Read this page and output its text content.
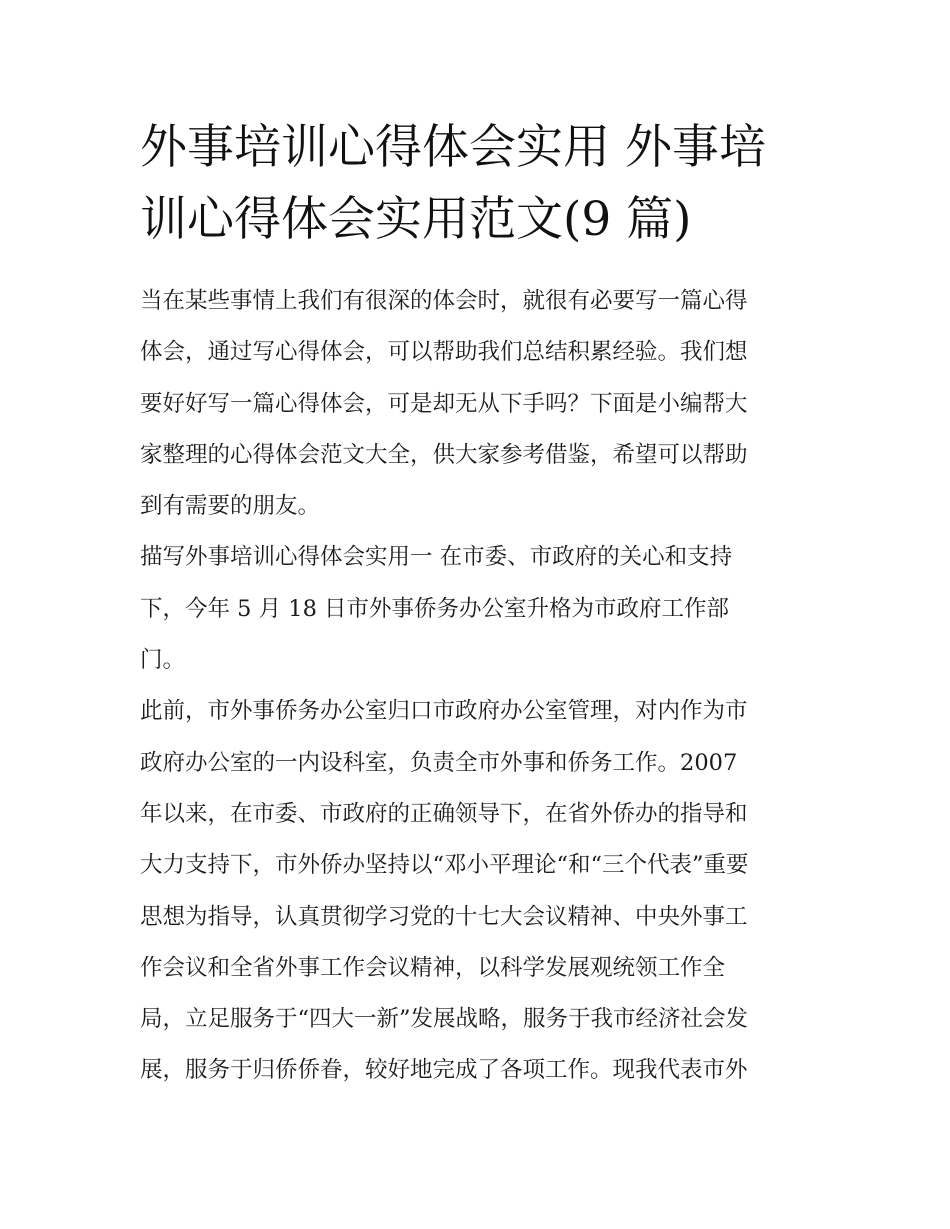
外事培训心得体会实用 外事培
训心得体会实用范文(9 篇)
当在某些事情上我们有很深的体会时，就很有必要写一篇心得
体会，通过写心得体会，可以帮助我们总结积累经验。我们想
要好好写一篇心得体会，可是却无从下手吗？下面是小编帮大
家整理的心得体会范文大全，供大家参考借鉴，希望可以帮助
到有需要的朋友。
描写外事培训心得体会实用一 在市委、市政府的关心和支持
下，今年 5 月 18 日市外事侨务办公室升格为市政府工作部
门。
此前，市外事侨务办公室归口市政府办公室管理，对内作为市
政府办公室的一内设科室，负责全市外事和侨务工作。2007
年以来，在市委、市政府的正确领导下，在省外侨办的指导和
大力支持下，市外侨办坚持以“邓小平理论“和“三个代表”重要
思想为指导，认真贯彻学习党的十七大会议精神、中央外事工
作会议和全省外事工作会议精神，以科学发展观统领工作全
局，立足服务于“四大一新”发展战略，服务于我市经济社会发
展，服务于归侨侨眷，较好地完成了各项工作。现我代表市外
